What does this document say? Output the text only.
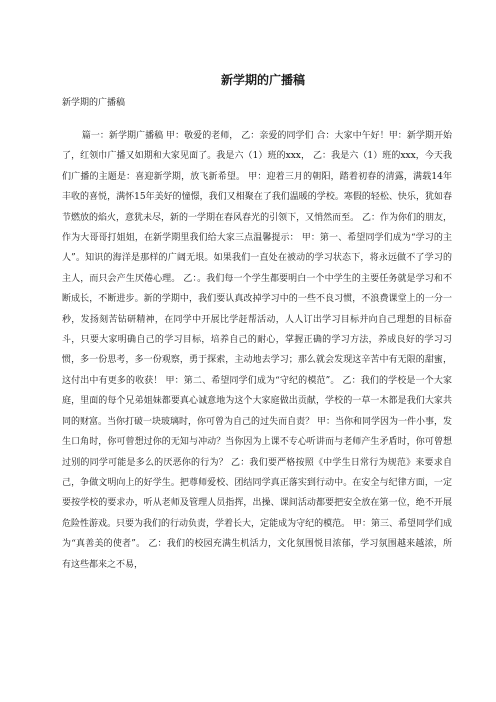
新学期的广播稿

新学期的广播稿

篇一：新学期广播稿 甲：敬爱的老师， 乙：亲爱的同学们 合：大家中午好！甲：新学期开始了，红领巾广播又如期和大家见面了。我是六（1）班的xxx， 乙：我是六（1）班的xxx，今天我们广播的主题是：喜迎新学期，放飞新希望。 甲：迎着三月的朝阳，踏着初春的清露，满载14年丰收的喜悦，满怀15年美好的憧憬，我们又相聚在了我们温暖的学校。寒假的轻松、快乐，犹如春节燃放的焰火，意犹未尽，新的一学期在春风春光的引领下，又悄然而至。 乙：作为你们的朋友，作为大哥哥打姐姐，在新学期里我们给大家三点温馨提示： 甲：第一、希望同学们成为“学习的主人”。知识的海洋是那样的广阔无垠。如果我们一直处在被动的学习状态下，将永远做不了学习的主人，而只会产生厌倦心理。 乙：。我们每一个学生都要明白一个中学生的主要任务就是学习和不断成长，不断进步。新的学期中，我们要认真改掉学习中的一些不良习惯，不浪费课堂上的一分一秒，发扬刻苦钻研精神，在同学中开展比学赶帮活动，人人订出学习目标并向自己理想的目标奋斗，只要大家明确自己的学习目标，培养自己的耐心，掌握正确的学习方法，养成良好的学习习惯，多一份思考，多一份观察，勇于探索，主动地去学习；那么就会发现这辛苦中有无限的甜蜜，这付出中有更多的收获！ 甲：第二、希望同学们成为“守纪的模范”。 乙：我们的学校是一个大家庭，里面的每个兄弟姐妹都要真心诚意地为这个大家庭做出贡献，学校的一草一木都是我们大家共同的财富。当你打破一块玻璃时，你可曾为自己的过失而自责？ 甲：当你和同学因为一件小事，发生口角时，你可曾想过你的无知与冲动？当你因为上课不专心听讲而与老师产生矛盾时，你可曾想过别的同学可能是多么的厌恶你的行为？ 乙：我们要严格按照《中学生日常行为规范》来要求自己，争做文明向上的好学生。把尊师爱校、团结同学真正落实到行动中。在安全与纪律方面，一定要按学校的要求办，听从老师及管理人员指挥，出操、课间活动都要把安全放在第一位，绝不开展危险性游戏。只要为我们的行动负责，学着长大，定能成为守纪的模范。 甲：第三、希望同学们成为“真善美的使者”。 乙：我们的校园充满生机活力，文化氛围悦目浓郁，学习氛围越来越浓，所有这些都来之不易，
